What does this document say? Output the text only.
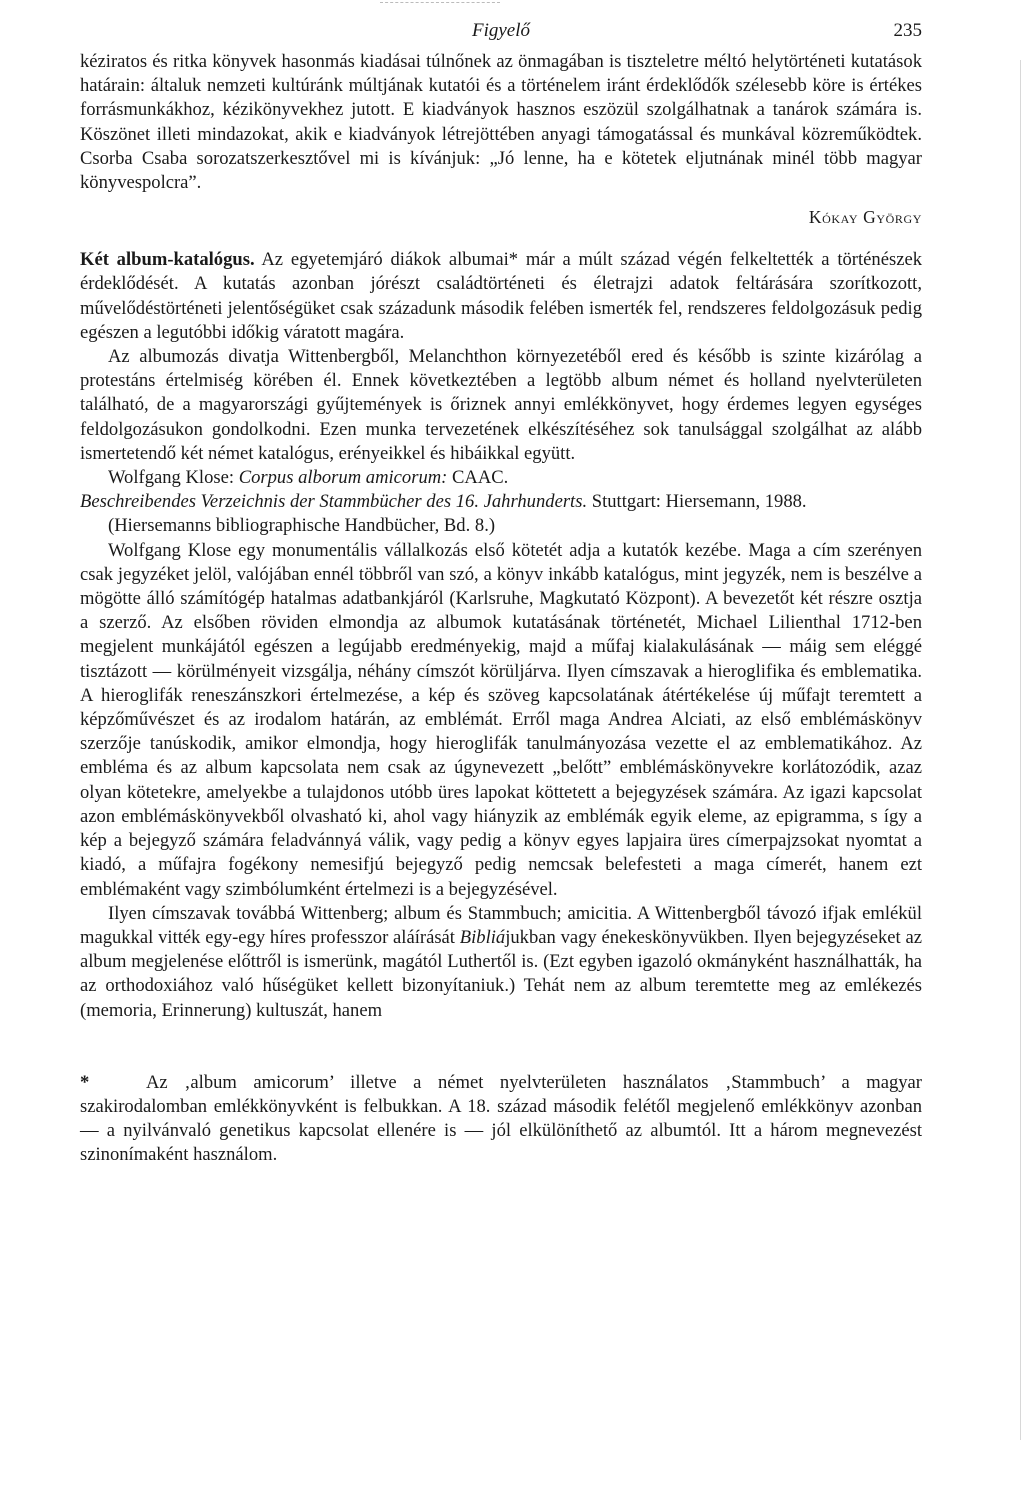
Figyelő	235

kéziratos és ritka könyvek hasonmás kiadásai túlnőnek az önmagában is tiszteletre méltó helytörténeti kutatások határain: általuk nemzeti kultúránk múltjának kutatói és a történelem iránt érdeklődők szélesebb köre is értékes forrásmunkákhoz, kézikönyvekhez jutott. E kiadványok hasznos eszözül szolgálhatnak a tanárok számára is. Köszönet illeti mindazokat, akik e kiadványok létrejöttében anyagi támogatással és munkával közreműködtek. Csorba Csaba sorozatszerkesztővel mi is kívánjuk: „Jó lenne, ha e kötetek eljutnának minél több magyar könyvespolcra”.

Kókay György

Két album-katalógus. Az egyetemjáró diákok albumai* már a múlt század végén felkeltették a történészek érdeklődését. A kutatás azonban jórészt családtörténeti és életrajzi adatok feltárására szorítkozott, művelődéstörténeti jelentőségüket csak századunk második felében ismerték fel, rendszeres feldolgozásuk pedig egészen a legutóbbi időkig váratott magára.

Az albumozás divatja Wittenbergből, Melanchthon környezetéből ered és később is szinte kizárólag a protestáns értelmiség körében él. Ennek következtében a legtöbb album német és holland nyelvterületen található, de a magyarországi gyűjtemények is őriznek annyi emlékkönyvet, hogy érdemes legyen egységes feldolgozásukon gondolkodni. Ezen munka tervezetének elkészítéséhez sok tanulsággal szolgálhat az alább ismertetendő két német katalógus, erényeikkel és hibáikkal együtt.

Wolfgang Klose: Corpus alborum amicorum: CAAC.

Beschreibendes Verzeichnis der Stammbücher des 16. Jahrhunderts. Stuttgart: Hiersemann, 1988.

(Hiersemanns bibliographische Handbücher, Bd. 8.)

Wolfgang Klose egy monumentális vállalkozás első kötetét adja a kutatók kezébe. Maga a cím szerényen csak jegyzéket jelöl, valójában ennél többről van szó, a könyv inkább katalógus, mint jegyzék, nem is beszélve a mögötte álló számítógép hatalmas adatbankjáról (Karlsruhe, Magkutató Központ). A bevezetőt két részre osztja a szerző. Az elsőben röviden elmondja az albumok kutatásának történetét, Michael Lilienthal 1712-ben megjelent munkájától egészen a legújabb eredményekig, majd a műfaj kialakulásának — máig sem eléggé tisztázott — körülményeit vizsgálja, néhány címszót körüljárva. Ilyen címszavak a hieroglifika és emblematika. A hieroglifák reneszánszkori értelmezése, a kép és szöveg kapcsolatának átértékelése új műfajt teremtett a képzőművészet és az irodalom határán, az emblémát. Erről maga Andrea Alciati, az első emblémáskönyv szerzője tanúskodik, amikor elmondja, hogy hieroglifák tanulmányozása vezette el az emblematikához. Az embléma és az album kapcsolata nem csak az úgynevezett „belőtt” emblémáskönyvekre korlátozódik, azaz olyan kötetekre, amelyekbe a tulajdonos utóbb üres lapokat köttetett a bejegyzések számára. Az igazi kapcsolat azon emblémáskönyvekből olvasható ki, ahol vagy hiányzik az emblémák egyik eleme, az epigramma, s így a kép a bejegyző számára feladvánnyá válik, vagy pedig a könyv egyes lapjaira üres címerpajzsokat nyomtat a kiadó, a műfajra fogékony nemesifjú bejegyző pedig nemcsak belefesteti a maga címerét, hanem ezt emblémaként vagy szimbólumként értelmezi is a bejegyzésével.

Ilyen címszavak továbbá Wittenberg; album és Stammbuch; amicitia. A Wittenbergből távozó ifjak emlékül magukkal vitték egy-egy híres professzor aláírását Bibliájukban vagy énekeskönyvükben. Ilyen bejegyzéseket az album megjelenése előttről is ismerünk, magától Luthertől is. (Ezt egyben igazoló okmányként használhatták, ha az orthodoxiához való hűségüket kellett bizonyítaniuk.) Tehát nem az album teremtette meg az emlékezés (memoria, Erinnerung) kultuszát, hanem

*	Az ‚album amicorum’ illetve a német nyelvterületen használatos ‚Stammbuch’ a magyar szakirodalomban emlékkönyvként is felbukkan. A 18. század második felétől megjelenő emlékkönyv azonban — a nyilvánvaló genetikus kapcsolat ellenére is — jól elkülöníthető az albumtól. Itt a három megnevezést szinonímaként használom.
